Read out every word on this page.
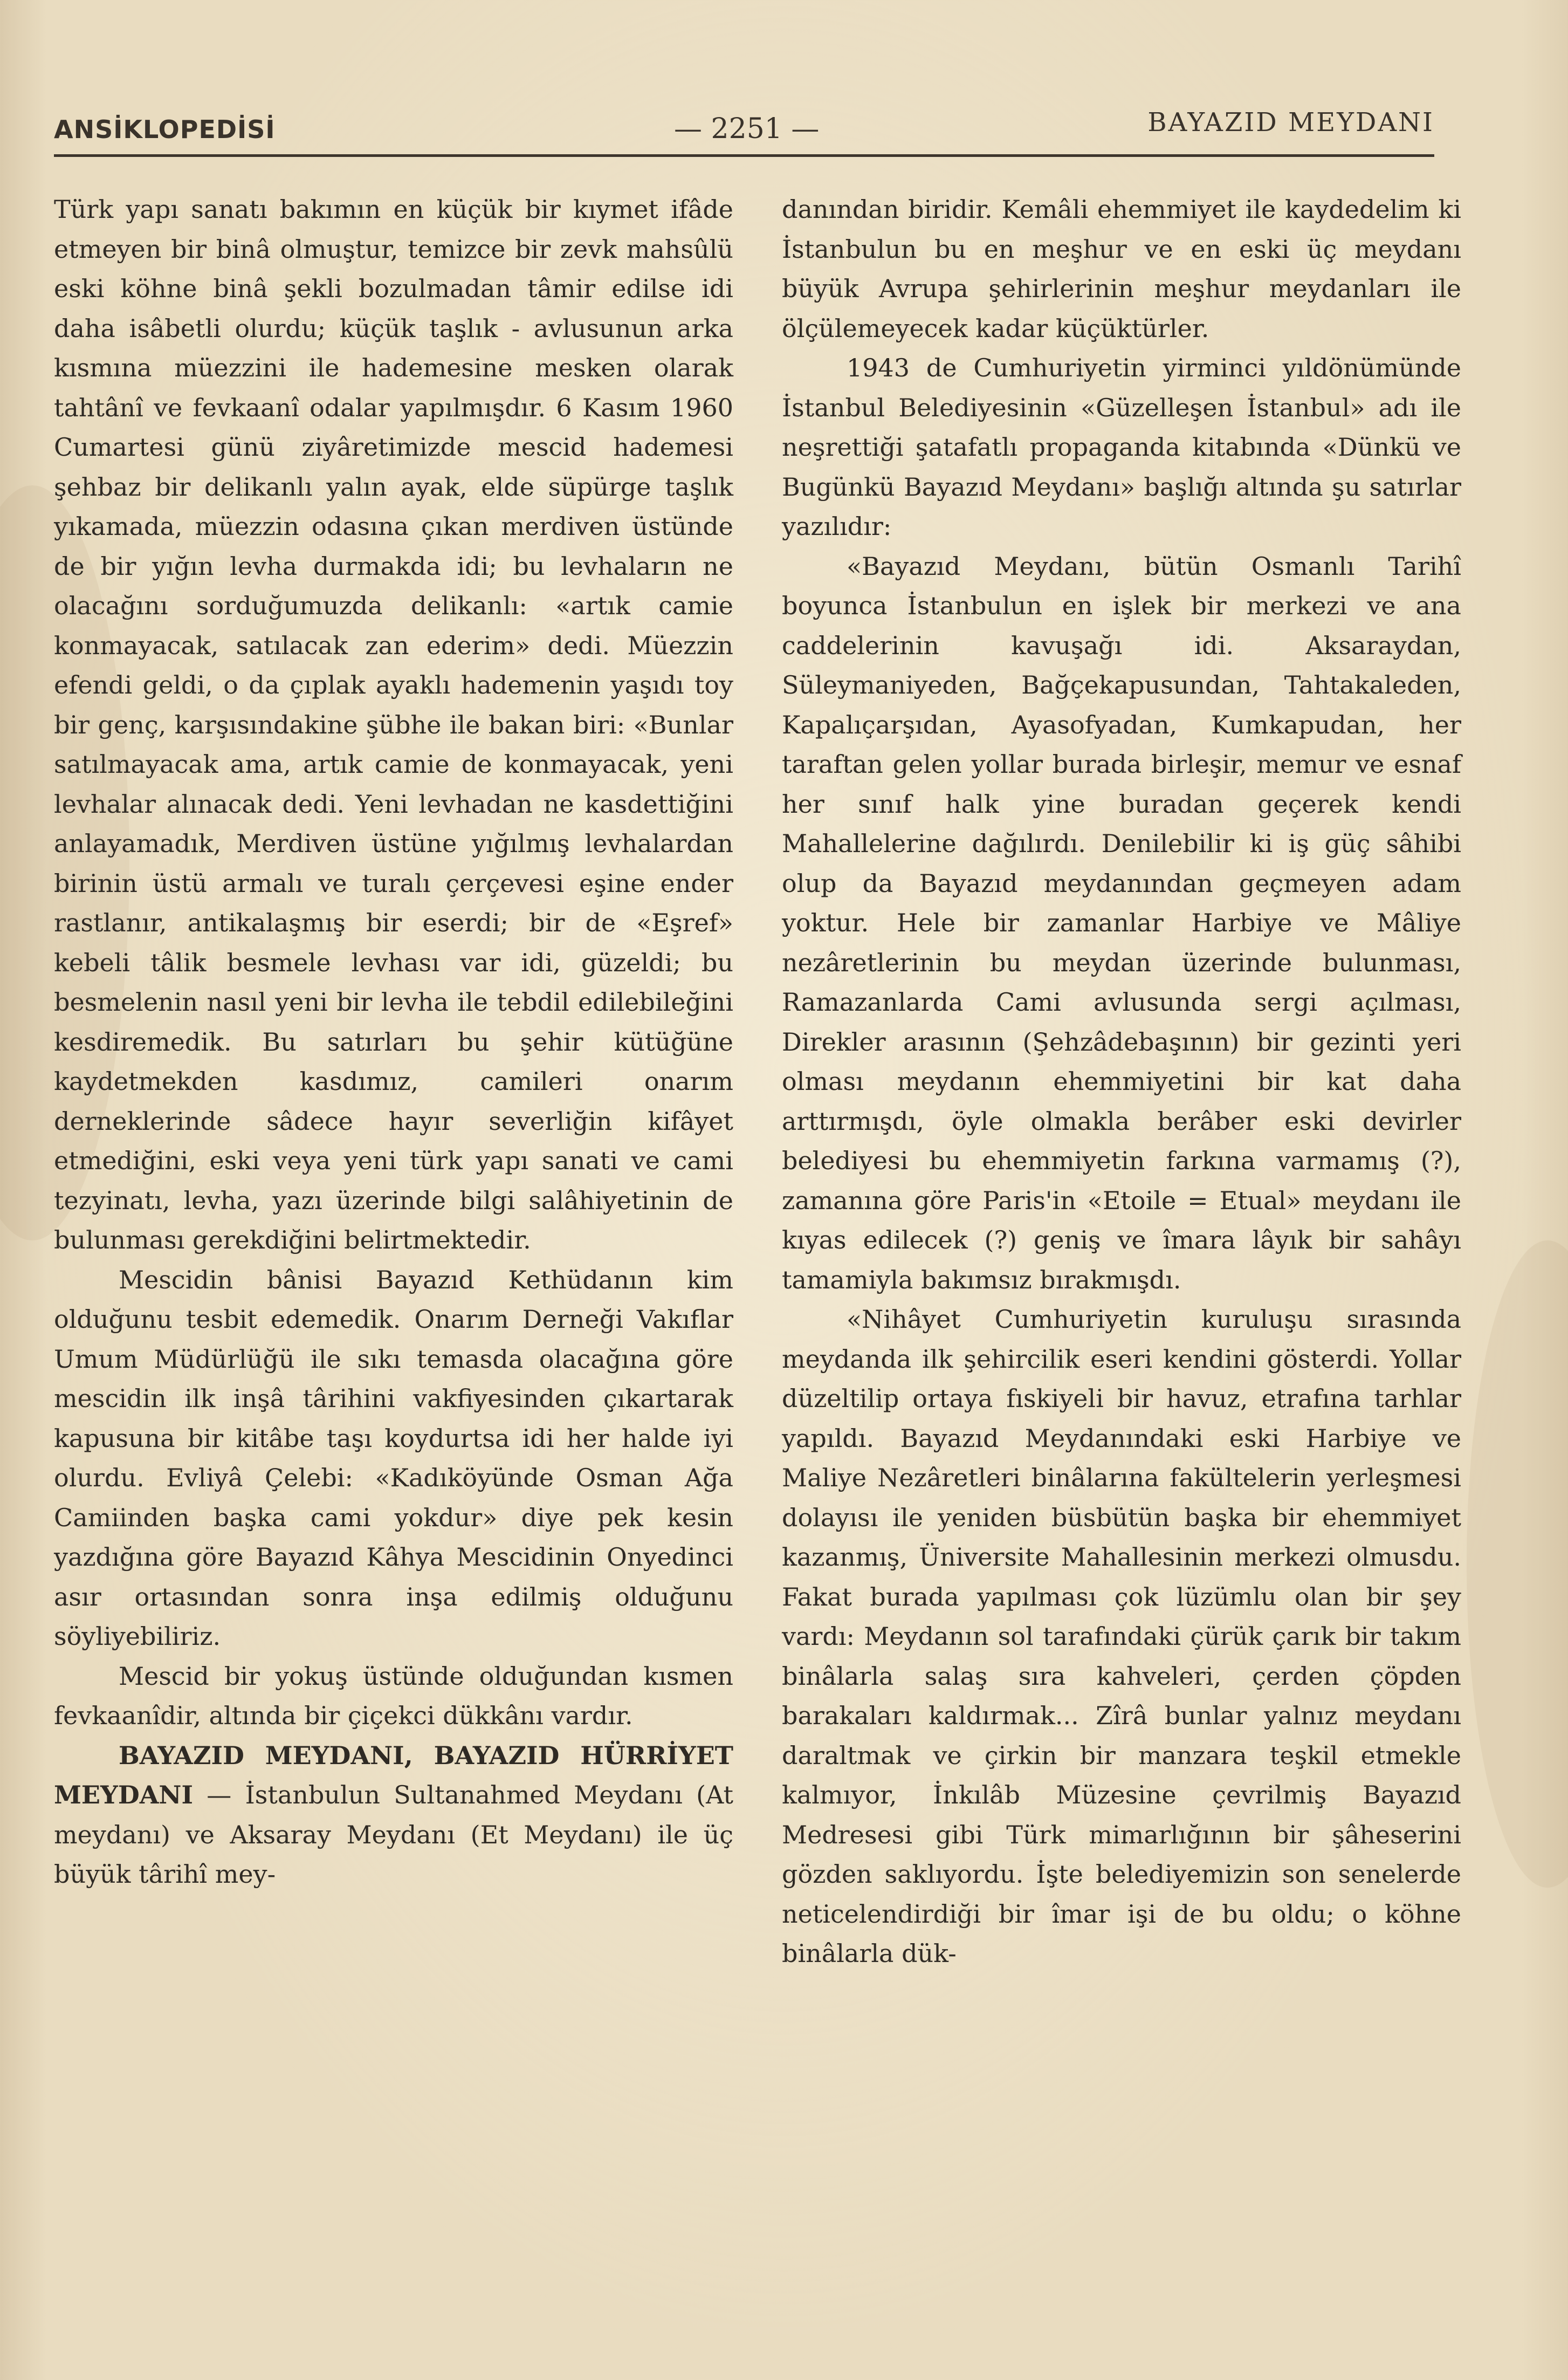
ANSİKLOPEDİSİ	— 2251 —	BAYAZID MEYDANI

Türk yapı sanatı bakımın en küçük bir kıymet ifâde etmeyen bir binâ olmuştur, temizce bir zevk mahsûlü eski köhne binâ şekli bozulmadan tâmir edilse idi daha isâbetli olurdu; küçük taşlık - avlusunun arka kısmına müezzini ile hademesine mesken olarak tahtânî ve fevkaanî odalar yapılmışdır. 6 Kasım 1960 Cumartesi günü ziyâretimizde mescid hademesi şehbaz bir delikanlı yalın ayak, elde süpürge taşlık yıkamada, müezzin odasına çıkan merdiven üstünde de bir yığın levha durmakda idi; bu levhaların ne olacağını sorduğumuzda delikanlı: «artık camie konmayacak, satılacak zan ederim» dedi. Müezzin efendi geldi, o da çıplak ayaklı hademenin yaşıdı toy bir genç, karşısındakine şübhe ile bakan biri: «Bunlar satılmayacak ama, artık camie de konmayacak, yeni levhalar alınacak dedi. Yeni levhadan ne kasdettiğini anlayamadık, Merdiven üstüne yığılmış levhalardan birinin üstü armalı ve turalı çerçevesi eşine ender rastlanır, antikalaşmış bir eserdi; bir de «Eşref» kebeli tâlik besmele levhası var idi, güzeldi; bu besmelenin nasıl yeni bir levha ile tebdil edilebileğini kesdiremedik. Bu satırları bu şehir kütüğüne kaydetmekden kasdımız, camileri onarım derneklerinde sâdece hayır severliğin kifâyet etmediğini, eski veya yeni türk yapı sanati ve cami tezyinatı, levha, yazı üzerinde bilgi salâhiyetinin de bulunması gerekdiğini belirtmektedir.

Mescidin bânisi Bayazıd Kethüdanın kim olduğunu tesbit edemedik. Onarım Derneği Vakıflar Umum Müdürlüğü ile sıkı temasda olacağına göre mescidin ilk inşâ târihini vakfiyesinden çıkartarak kapusuna bir kitâbe taşı koydurtsa idi her halde iyi olurdu. Evliyâ Çelebi: «Kadıköyünde Osman Ağa Camiinden başka cami yokdur» diye pek kesin yazdığına göre Bayazıd Kâhya Mescidinin Onyedinci asır ortasından sonra inşa edilmiş olduğunu söyliyebiliriz.

Mescid bir yokuş üstünde olduğundan kısmen fevkaanîdir, altında bir çiçekci dükkânı vardır.

BAYAZID MEYDANI, BAYAZID HÜRRİYET MEYDANI — İstanbulun Sultanahmed Meydanı (At meydanı) ve Aksaray Meydanı (Et Meydanı) ile üç büyük târihî mey-

danından biridir. Kemâli ehemmiyet ile kaydedelim ki İstanbulun bu en meşhur ve en eski üç meydanı büyük Avrupa şehirlerinin meşhur meydanları ile ölçülemeyecek kadar küçüktürler.

1943 de Cumhuriyetin yirminci yıldönümünde İstanbul Belediyesinin «Güzelleşen İstanbul» adı ile neşrettiği şatafatlı propaganda kitabında «Dünkü ve Bugünkü Bayazıd Meydanı» başlığı altında şu satırlar yazılıdır:

«Bayazıd Meydanı, bütün Osmanlı Tarihî boyunca İstanbulun en işlek bir merkezi ve ana caddelerinin kavuşağı idi. Aksaraydan, Süleymaniyeden, Bağçekapusundan, Tahtakaleden, Kapalıçarşıdan, Ayasofyadan, Kumkapudan, her taraftan gelen yollar burada birleşir, memur ve esnaf her sınıf halk yine buradan geçerek kendi Mahallelerine dağılırdı. Denilebilir ki iş güç sâhibi olup da Bayazıd meydanından geçmeyen adam yoktur. Hele bir zamanlar Harbiye ve Mâliye nezâretlerinin bu meydan üzerinde bulunması, Ramazanlarda Cami avlusunda sergi açılması, Direkler arasının (Şehzâdebaşının) bir gezinti yeri olması meydanın ehemmiyetini bir kat daha arttırmışdı, öyle olmakla berâber eski devirler belediyesi bu ehemmiyetin farkına varmamış (?), zamanına göre Paris'in «Etoile = Etual» meydanı ile kıyas edilecek (?) geniş ve îmara lâyık bir sahâyı tamamiyla bakımsız bırakmışdı.

«Nihâyet Cumhuriyetin kuruluşu sırasında meydanda ilk şehircilik eseri kendini gösterdi. Yollar düzeltilip ortaya fıskiyeli bir havuz, etrafına tarhlar yapıldı. Bayazıd Meydanındaki eski Harbiye ve Maliye Nezâretleri binâlarına fakültelerin yerleşmesi dolayısı ile yeniden büsbütün başka bir ehemmiyet kazanmış, Üniversite Mahallesinin merkezi olmusdu. Fakat burada yapılması çok lüzümlu olan bir şey vardı: Meydanın sol tarafındaki çürük çarık bir takım binâlarla salaş sıra kahveleri, çerden çöpden barakaları kaldırmak... Zîrâ bunlar yalnız meydanı daraltmak ve çirkin bir manzara teşkil etmekle kalmıyor, İnkılâb Müzesine çevrilmiş Bayazıd Medresesi gibi Türk mimarlığının bir şâheserini gözden saklıyordu. İşte belediyemizin son senelerde neticelendirdiği bir îmar işi de bu oldu; o köhne binâlarla dük-
